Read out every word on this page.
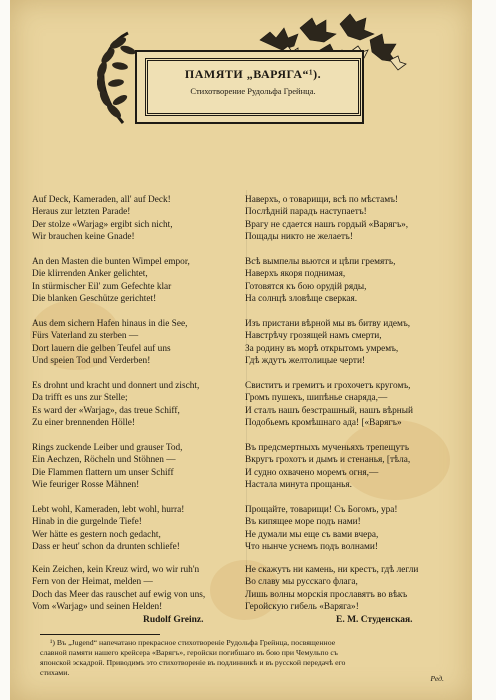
ПАМЯТИ „ВАРЯГА“¹).
Стихотворение Рудольфа Грейнца.
Auf Deck, Kameraden, all' auf Deck!
Heraus zur letzten Parade!
Der stolze «Warjag» ergibt sich nicht,
Wir brauchen keine Gnade!
An den Masten die bunten Wimpel empor,
Die klirrenden Anker gelichtet,
In stürmischer Eil' zum Gefechte klar
Die blanken Geschütze gerichtet!
Aus dem sichern Hafen hinaus in die See,
Fürs Vaterland zu sterben —
Dort lauern die gelben Teufel auf uns
Und speien Tod und Verderben!
Es drohnt und kracht und donnert und zischt,
Da trifft es uns zur Stelle;
Es ward der «Warjag», das treue Schiff,
Zu einer brennenden Hölle!
Rings zuckende Leiber und grauser Tod,
Ein Aechzen, Röcheln und Stöhnen —
Die Flammen flattern um unser Schiff
Wie feuriger Rosse Mähnen!
Lebt wohl, Kameraden, lebt wohl, hurra!
Hinab in die gurgelnde Tiefe!
Wer hätte es gestern noch gedacht,
Dass er heut' schon da drunten schliefe!
Kein Zeichen, kein Kreuz wird, wo wir ruh'n
Fern von der Heimat, melden —
Doch das Meer das rauschet auf ewig von uns,
Vom «Warjag» und seinen Helden!
Наверхъ, о товарищи, всѣ по мѣстамъ!
Послѣдній парадъ наступаетъ!
Врагу не сдается нашъ гордый «Варягъ»,
Пощады никто не желаетъ!
Всѣ вымпелы вьются и цѣпи гремятъ,
Наверхъ якоря поднимая,
Готовятся къ бою орудій ряды,
На солнцѣ зловѣще сверкая.
Изъ пристани вѣрной мы въ битву идемъ,
Навстрѣчу грозящей намъ смерти,
За родину въ морѣ открытомъ умремъ,
Гдѣ ждутъ желтолицые черти!
Свиститъ и гремитъ и грохочетъ кругомъ,
Громъ пушекъ, шипѣнье снаряда,—
И сталъ нашъ безстрашный, нашъ вѣрный
Подобьемъ кромѣшнаго ада! [«Варягъ»
Въ предсмертныхъ мученьяхъ трепещутъ
Вкругъ грохотъ и дымъ и стенанья, [тѣла,
И судно охвачено моремъ огня,—
Настала минута прощанья.
Прощайте, товарищи! Съ Богомъ, ура!
Въ кипящее море подъ нами!
Не думали мы еще съ вами вчера,
Что нынче уснемъ подъ волнами!
Не скажутъ ни камень, ни крестъ, гдѣ легли
Во славу мы русскаго флага,
Лишь волны морскія прославятъ во вѣкъ
Геройскую гибель «Варяга»!
Rudolf Greinz.	Е. М. Студенская.
¹) Въ „Jugend“ напечатано прекрасное стихотвореніе Рудольфа Грейнца, посвященное
славной памяти нашего крейсера «Варягъ», геройски погибшаго въ бою при Чемульпо съ
японской эскадрой. Приводимъ это стихотвореніе въ подлинникѣ и въ русской передачѣ его
стихами.
Ред.
